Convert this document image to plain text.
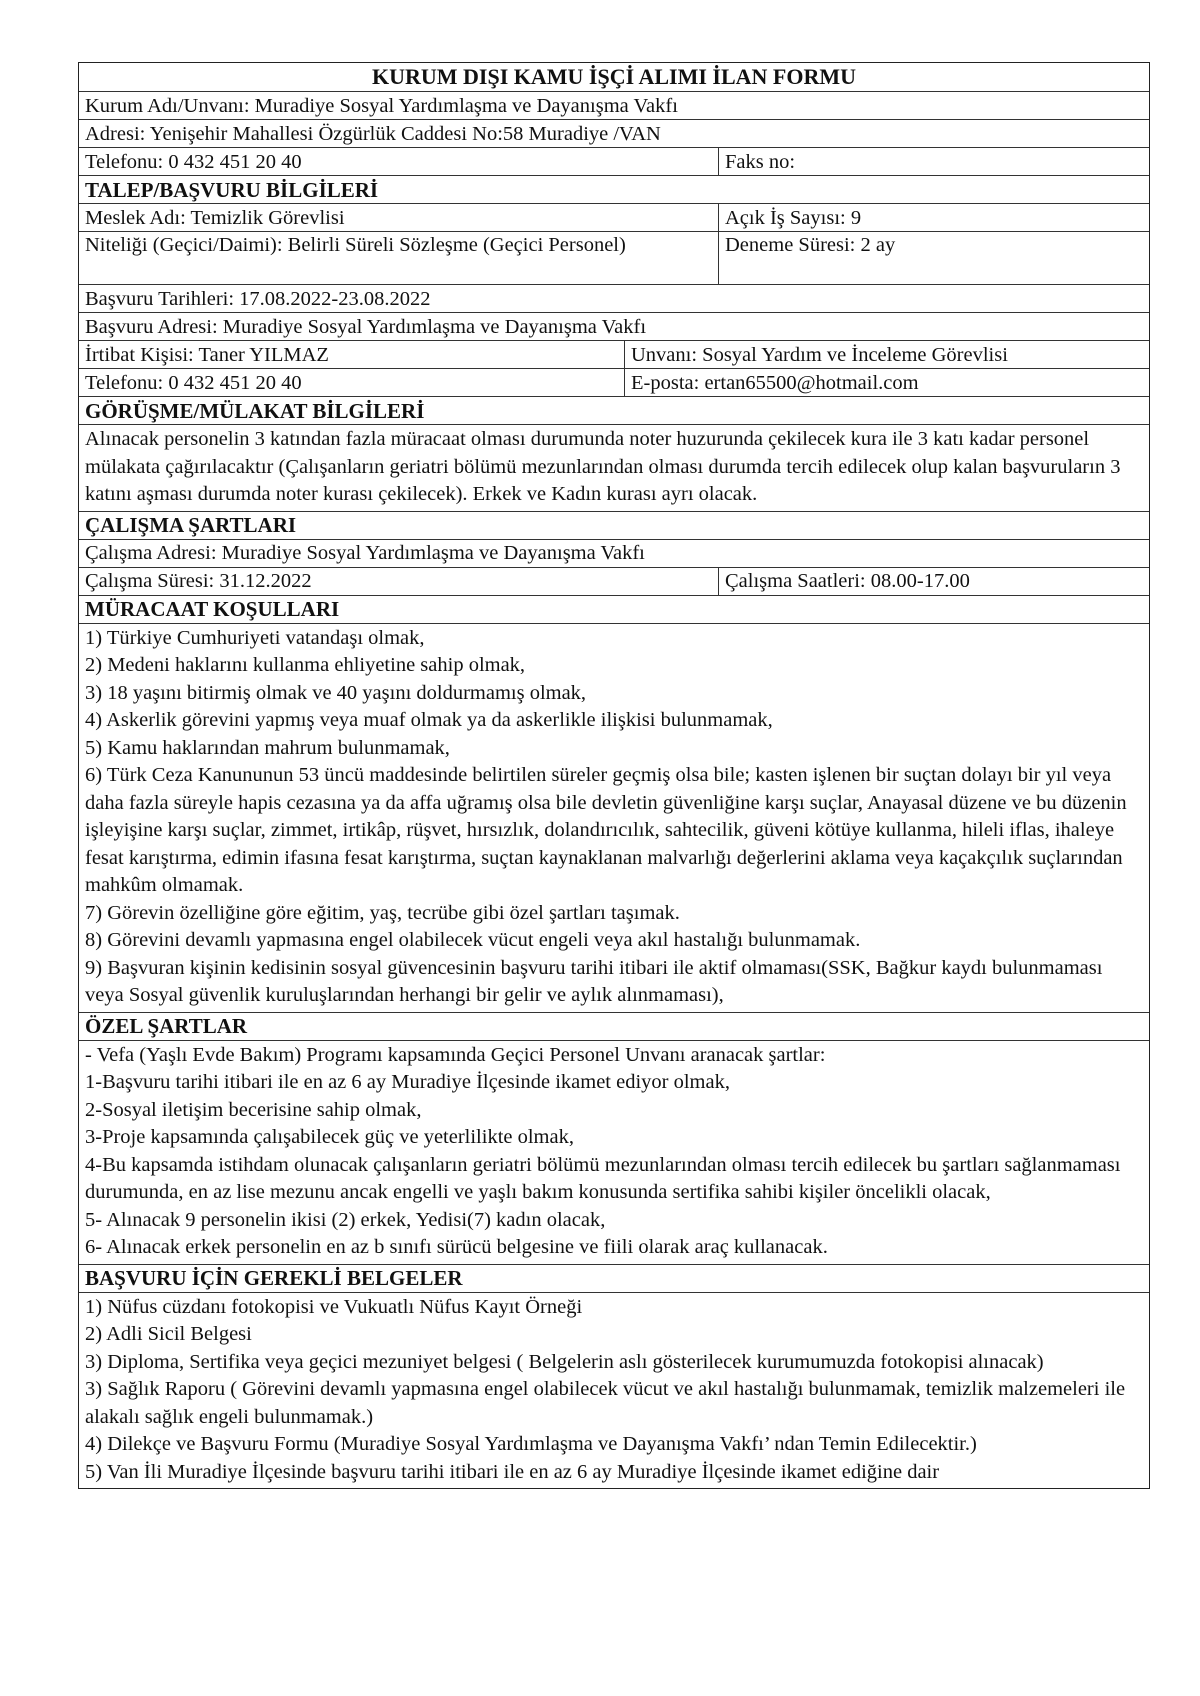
KURUM DIŞI KAMU İŞÇİ ALIMI İLAN FORMU
Kurum Adı/Unvanı: Muradiye Sosyal Yardımlaşma ve Dayanışma Vakfı
Adresi: Yenişehir Mahallesi Özgürlük Caddesi No:58 Muradiye /VAN
Telefonu: 0 432 451 20 40	Faks no:
TALEP/BAŞVURU BİLGİLERİ
Meslek Adı: Temizlik Görevlisi	Açık İş Sayısı: 9
Niteliği (Geçici/Daimi): Belirli Süreli Sözleşme (Geçici Personel)	Deneme Süresi: 2 ay
Başvuru Tarihleri: 17.08.2022-23.08.2022
Başvuru Adresi: Muradiye Sosyal Yardımlaşma ve Dayanışma Vakfı
İrtibat Kişisi: Taner YILMAZ	Unvanı: Sosyal Yardım ve İnceleme Görevlisi
Telefonu: 0 432 451 20 40	E-posta: ertan65500@hotmail.com
GÖRÜŞME/MÜLAKAT BİLGİLERİ
Alınacak personelin 3 katından fazla müracaat olması durumunda noter huzurunda çekilecek kura ile 3 katı kadar personel mülakata çağırılacaktır (Çalışanların geriatri bölümü mezunlarından olması durumda tercih edilecek olup kalan başvuruların 3 katını aşması durumda noter kurası çekilecek). Erkek ve Kadın kurası ayrı olacak.
ÇALIŞMA ŞARTLARI
Çalışma Adresi: Muradiye Sosyal Yardımlaşma ve Dayanışma Vakfı
Çalışma Süresi: 31.12.2022	Çalışma Saatleri: 08.00-17.00
MÜRACAAT KOŞULLARI

1) Türkiye Cumhuriyeti vatandaşı olmak,

2) Medeni haklarını kullanma ehliyetine sahip olmak,

3) 18 yaşını bitirmiş olmak ve 40 yaşını doldurmamış olmak,

4) Askerlik görevini yapmış veya muaf olmak ya da askerlikle ilişkisi bulunmamak,

5) Kamu haklarından mahrum bulunmamak,

6) Türk Ceza Kanununun 53 üncü maddesinde belirtilen süreler geçmiş olsa bile; kasten işlenen bir suçtan dolayı bir yıl veya daha fazla süreyle hapis cezasına ya da affa uğramış olsa bile devletin güvenliğine karşı suçlar, Anayasal düzene ve bu düzenin işleyişine karşı suçlar, zimmet, irtikâp, rüşvet, hırsızlık, dolandırıcılık, sahtecilik, güveni kötüye kullanma, hileli iflas, ihaleye fesat karıştırma, edimin ifasına fesat karıştırma, suçtan kaynaklanan malvarlığı değerlerini aklama veya kaçakçılık suçlarından mahkûm olmamak.

7) Görevin özelliğine göre eğitim, yaş, tecrübe gibi özel şartları taşımak.

8) Görevini devamlı yapmasına engel olabilecek vücut engeli veya akıl hastalığı bulunmamak.

9) Başvuran kişinin kedisinin sosyal güvencesinin başvuru tarihi itibari ile aktif olmaması(SSK, Bağkur kaydı bulunmaması veya Sosyal güvenlik kuruluşlarından herhangi bir gelir ve aylık alınmaması),

ÖZEL ŞARTLAR

- Vefa (Yaşlı Evde Bakım) Programı kapsamında Geçici Personel Unvanı aranacak şartlar:

1-Başvuru tarihi itibari ile en az 6 ay Muradiye İlçesinde ikamet ediyor olmak,

2-Sosyal iletişim becerisine sahip olmak,

3-Proje kapsamında çalışabilecek güç ve yeterlilikte olmak,

4-Bu kapsamda istihdam olunacak çalışanların geriatri bölümü mezunlarından olması tercih edilecek bu şartları sağlanmaması durumunda, en az lise mezunu ancak engelli ve yaşlı bakım konusunda sertifika sahibi kişiler öncelikli olacak,

5- Alınacak 9 personelin ikisi (2) erkek, Yedisi(7) kadın olacak,

6- Alınacak erkek personelin en az b sınıfı sürücü belgesine ve fiili olarak araç kullanacak.

BAŞVURU İÇİN GEREKLİ BELGELER

1) Nüfus cüzdanı fotokopisi ve Vukuatlı Nüfus Kayıt Örneği

2) Adli Sicil Belgesi

3) Diploma, Sertifika veya geçici mezuniyet belgesi ( Belgelerin aslı gösterilecek kurumumuzda fotokopisi alınacak)

3) Sağlık Raporu ( Görevini devamlı yapmasına engel olabilecek vücut ve akıl hastalığı bulunmamak, temizlik malzemeleri ile alakalı sağlık engeli bulunmamak.)

4) Dilekçe ve Başvuru Formu (Muradiye Sosyal Yardımlaşma ve Dayanışma Vakfı’ ndan Temin Edilecektir.)

5) Van İli Muradiye İlçesinde başvuru tarihi itibari ile en az 6 ay Muradiye İlçesinde ikamet ediğine dair
